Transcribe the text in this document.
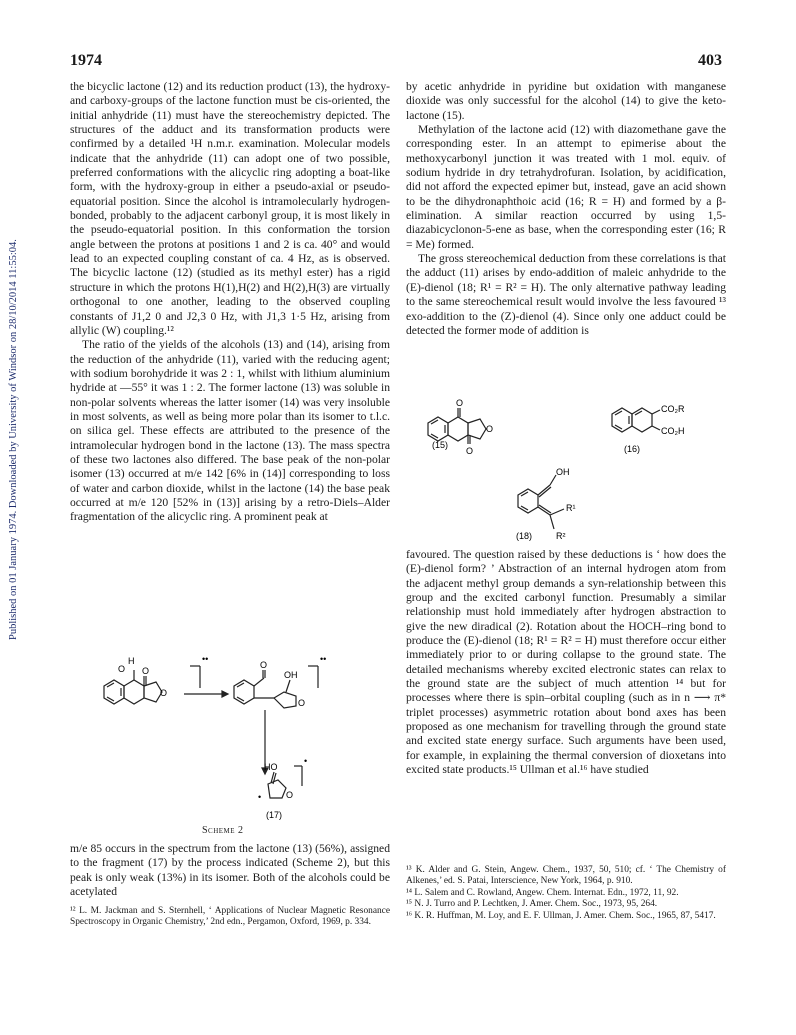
1974	403
Published on 01 January 1974. Downloaded by University of Windsor on 28/10/2014 11:55:04.

the bicyclic lactone (12) and its reduction product (13), the hydroxy- and carboxy-groups of the lactone function must be cis-oriented, the initial anhydride (11) must have the stereochemistry depicted. The structures of the adduct and its transformation products were confirmed by a detailed ¹H n.m.r. examination. Molecular models indicate that the anhydride (11) can adopt one of two possible, preferred conformations with the alicyclic ring adopting a boat-like form, with the hydroxy-group in either a pseudo-axial or pseudo-equatorial position. Since the alcohol is intramolecularly hydrogen-bonded, probably to the adjacent carbonyl group, it is most likely in the pseudo-equatorial position. In this conformation the torsion angle between the protons at positions 1 and 2 is ca. 40° and would lead to an expected coupling constant of ca. 4 Hz, as is observed. The bicyclic lactone (12) (studied as its methyl ester) has a rigid structure in which the protons H(1),H(2) and H(2),H(3) are virtually orthogonal to one another, leading to the observed coupling constants of J1,2 0 and J2,3 0 Hz, with J1,3 1·5 Hz, arising from allylic (W) coupling.¹²

The ratio of the yields of the alcohols (13) and (14), arising from the reduction of the anhydride (11), varied with the reducing agent; with sodium borohydride it was 2 : 1, whilst with lithium aluminium hydride at —55° it was 1 : 2. The former lactone (13) was soluble in non-polar solvents whereas the latter isomer (14) was very insoluble in most solvents, as well as being more polar than its isomer to t.l.c. on silica gel. These effects are attributed to the presence of the intramolecular hydrogen bond in the lactone (13). The mass spectra of these two lactones also differed. The base peak of the non-polar isomer (13) occurred at m/e 142 [6% in (14)] corresponding to loss of water and carbon dioxide, whilst in the lactone (14) the base peak occurred at m/e 120 [52% in (13)] arising by a retro-Diels–Alder fragmentation of the alicyclic ring. A prominent peak at

by acetic anhydride in pyridine but oxidation with manganese dioxide was only successful for the alcohol (14) to give the keto-lactone (15).

Methylation of the lactone acid (12) with diazomethane gave the corresponding ester. In an attempt to epimerise about the methoxycarbonyl junction it was treated with 1 mol. equiv. of sodium hydride in dry tetrahydrofuran. Isolation, by acidification, did not afford the expected epimer but, instead, gave an acid shown to be the dihydronaphthoic acid (16; R = H) and formed by a β-elimination. A similar reaction occurred by using 1,5-diazabicyclonon-5-ene as base, when the corresponding ester (16; R = Me) formed.

The gross stereochemical deduction from these correlations is that the adduct (11) arises by endo-addition of maleic anhydride to the (E)-dienol (18; R¹ = R² = H). The only alternative pathway leading to the same stereochemical result would involve the less favoured ¹³ exo-addition to the (Z)-dienol (4). Since only one adduct could be detected the former mode of addition is

O
O
O
(15)
CO₂R
CO₂H
(16)
OH
R¹
R²
(18)

favoured. The question raised by these deductions is ‘ how does the (E)-dienol form? ’ Abstraction of an internal hydrogen atom from the adjacent methyl group demands a syn-relationship between this group and the excited carbonyl function. Presumably a similar relationship must hold immediately after hydrogen abstraction to give the new diradical (2). Rotation about the HOCH–ring bond to produce the (E)-dienol (18; R¹ = R² = H) must therefore occur either immediately prior to or during collapse to the ground state. The detailed mechanisms whereby excited electronic states can relax to the ground state are the subject of much attention ¹⁴ but for processes where there is spin–orbital coupling (such as in n ⟶ π* triplet processes) asymmetric rotation about bond axes has been proposed as one mechanism for travelling through the ground state and excited state energy surface. Such arguments have been used, for example, in explaining the thermal conversion of dioxetans into excited state products.¹⁵ Ullman et al.¹⁶ have studied

O
H
O
O
••
O
OH
O
••
HO
•	O
•
(17)
Scheme 2

m/e 85 occurs in the spectrum from the lactone (13) (56%), assigned to the fragment (17) by the process indicated (Scheme 2), but this peak is only weak (13%) in its isomer. Both of the alcohols could be acetylated

¹² L. M. Jackman and S. Sternhell, ‘ Applications of Nuclear Magnetic Resonance Spectroscopy in Organic Chemistry,’ 2nd edn., Pergamon, Oxford, 1969, p. 334.

¹³ K. Alder and G. Stein, Angew. Chem., 1937, 50, 510; cf. ‘ The Chemistry of Alkenes,’ ed. S. Patai, Interscience, New York, 1964, p. 910.

¹⁴ L. Salem and C. Rowland, Angew. Chem. Internat. Edn., 1972, 11, 92.

¹⁵ N. J. Turro and P. Lechtken, J. Amer. Chem. Soc., 1973, 95, 264.

¹⁶ K. R. Huffman, M. Loy, and E. F. Ullman, J. Amer. Chem. Soc., 1965, 87, 5417.
